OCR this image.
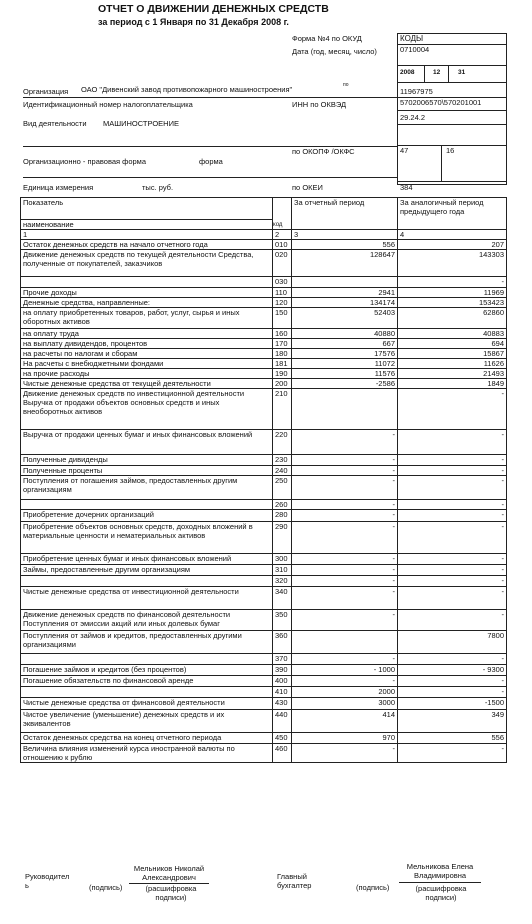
ОТЧЕТ О ДВИЖЕНИИ ДЕНЕЖНЫХ СРЕДСТВ
за период с 1 Января по 31 Декабря 2008 г.
Форма №4 по ОКУД
Дата (год, месяц, число)
КОДЫ
0710004
2008	12	31
11967975
5702006570\570201001
29.24.2
47	16
384
Организация ОАО "Дивенский завод противопожарного машиностроения"	по
Идентификационный номер налогоплательщика	ИНН по ОКВЭД
Вид деятельности МАШИНОСТРОЕНИЕ
по ОКОПФ /ОКФС
Организационно - правовая форма	форма
Единица измерения	тыс. руб.	по ОКЕИ
Показатель		За отчетный период	За аналогичный период предыдущего года
наименование			
1	2	3	4
Остаток денежных средств на начало отчетного года	010	556	207
Движение денежных средств по текущей деятельности Средства, полученные от покупателей, заказчиков	020	128647	143303
	030		-
Прочие доходы	110	2941	11969
Денежные средства, направленные:	120	134174	153423
на оплату приобретенных товаров, работ, услуг, сырья и иных оборотных активов	150	52403	62860
на оплату труда	160	40880	40883
на выплату дивидендов, процентов	170	667	694
на расчеты по налогам и сборам	180	17576	15867
На расчеты с внебюджетными фондами	181	11072	11626
на прочие расходы	190	11576	21493
Чистые денежные средства от текущей деятельности	200	-2586	1849
Движение денежных средств по инвестиционной деятельности Выручка от продажи объектов основных средств и иных внеоборотных активов	210		-
Выручка от продажи ценных бумаг и иных финансовых вложений	220	-	-
Полученные дивиденды	230	-	-
Полученные проценты	240	-	-
Поступления от погашения займов, предоставленных другим организациям	250	-	-
	260	-	-
Приобретение дочерних организаций	280	-	-
Приобретение объектов основных средств, доходных вложений в материальные ценности и нематериальных активов	290	-	-
Приобретение ценных бумаг и иных финансовых вложений	300	-	-
Займы, предоставленные другим организациям	310	-	-
	320	-	-
Чистые денежные средства от инвестиционной деятельности	340	-	-
Движение денежных средств по финансовой деятельности Поступления от эмиссии акций или иных долевых бумаг	350	-	-
Поступления от займов и кредитов, предоставленных другими организациями	360		7800
	370	-	-
Погашение займов и кредитов (без процентов)	390	- 1000	- 9300
Погашение обязательств по финансовой аренде	400	-	-
	410	2000	-
Чистые денежные средства от финансовой деятельности	430	3000	-1500
Чистое увеличение (уменьшение) денежных средств и их эквивалентов	440	414	349
Остаток денежных средства на конец отчетного периода	450	970	556
Величина влияния изменений курса иностранной валюты по отношению к рублю	460	-	-
код
Руководител ь	(подпись)
Мельников Николай Александрович
(расшифровка подписи)
Главный бухгалтер	(подпись)
Мельникова Елена Владимировна
(расшифровка подписи)
